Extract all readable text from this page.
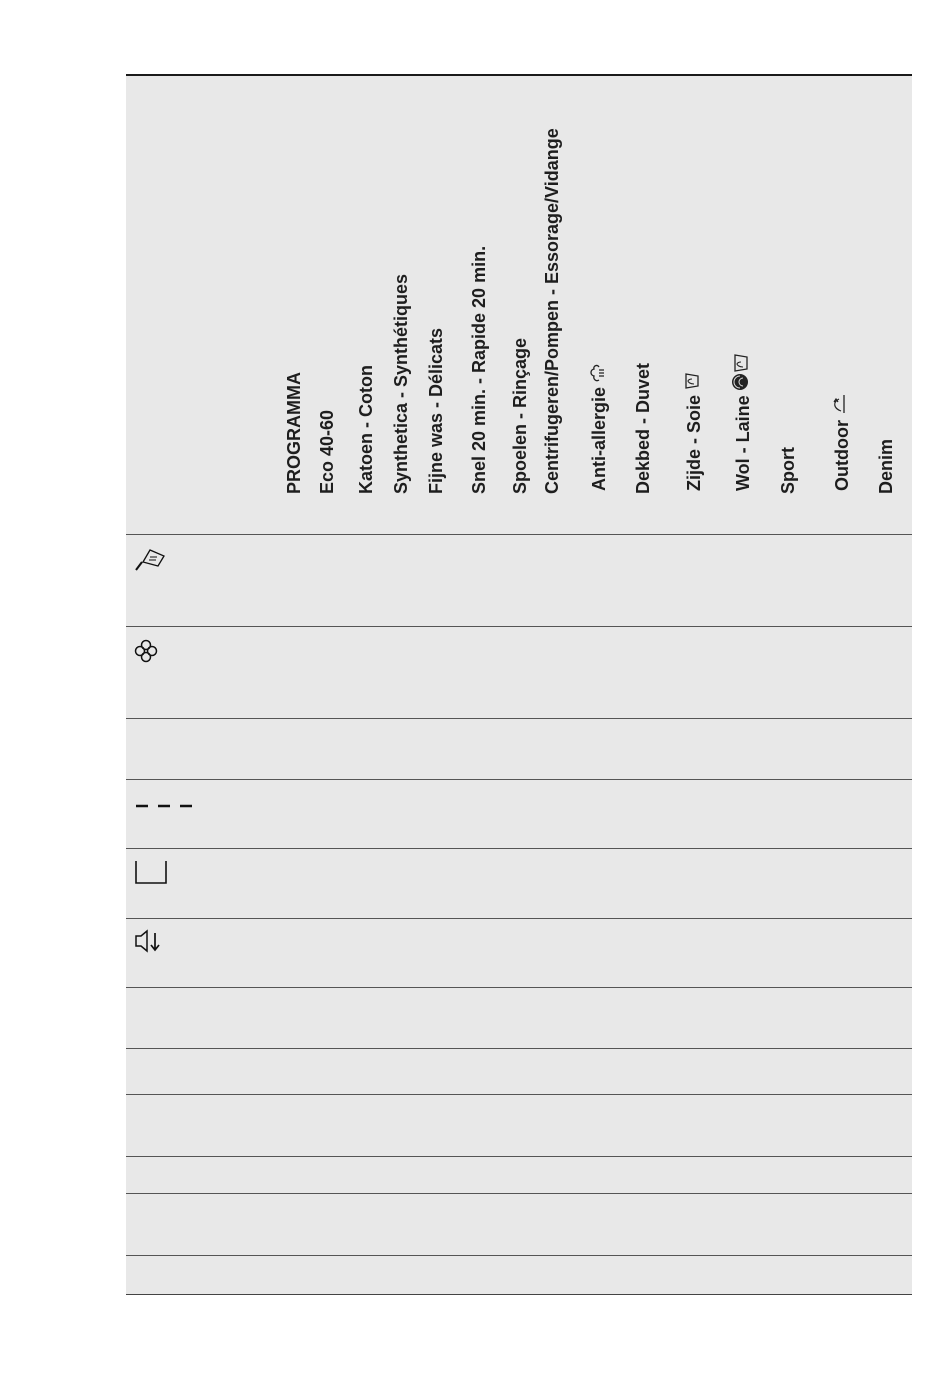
PROGRAMMA Eco 40-60 Katoen - Coton Synthetica - Synthétiques Fijne was - Délicats Snel 20 min. - Rapide 20 min. Spoelen - Rinçage Centrifugeren/Pompen - Essorage/Vidange Anti-allergie Dekbed - Duvet Zijde - Soie Wol - Laine Sport Outdoor Denim
